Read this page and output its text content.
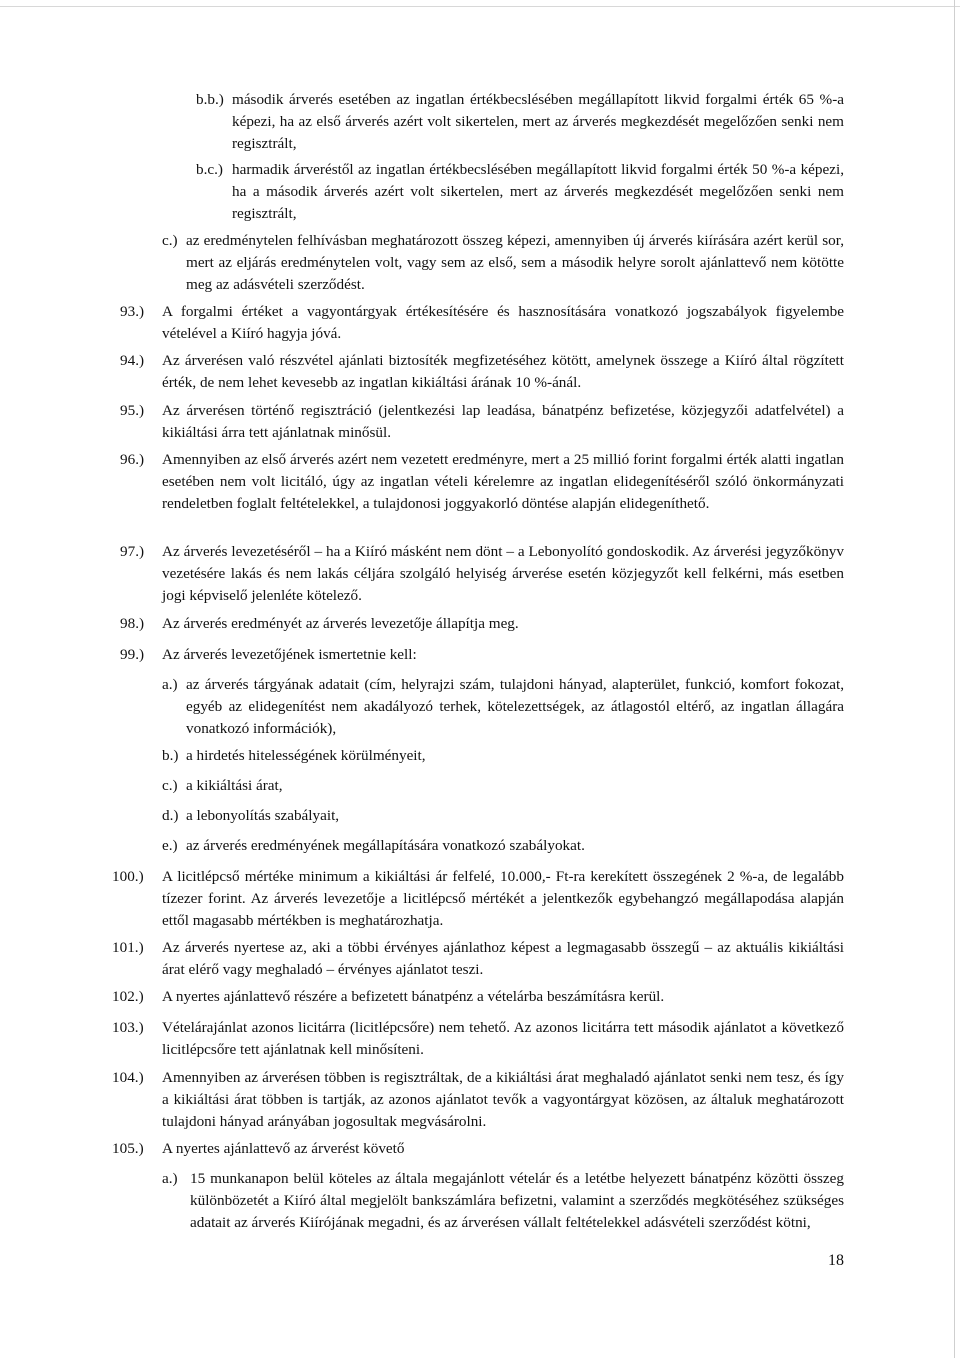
b.b.) második árverés esetében az ingatlan értékbecslésében megállapított likvid forgalmi érték 65 %-a képezi, ha az első árverés azért volt sikertelen, mert az árverés megkezdését megelőzően senki nem regisztrált,
b.c.) harmadik árveréstől az ingatlan értékbecslésében megállapított likvid forgalmi érték 50 %-a képezi, ha a második árverés azért volt sikertelen, mert az árverés megkezdését megelőzően senki nem regisztrált,
c.) az eredménytelen felhívásban meghatározott összeg képezi, amennyiben új árverés kiírására azért kerül sor, mert az eljárás eredménytelen volt, vagy sem az első, sem a második helyre sorolt ajánlattevő nem kötötte meg az adásvételi szerződést.
93.) A forgalmi értéket a vagyontárgyak értékesítésére és hasznosítására vonatkozó jogszabályok figyelembe vételével a Kiíró hagyja jóvá.
94.) Az árverésen való részvétel ajánlati biztosíték megfizetéséhez kötött, amelynek összege a Kiíró által rögzített érték, de nem lehet kevesebb az ingatlan kikiáltási árának 10 %-ánál.
95.) Az árverésen történő regisztráció (jelentkezési lap leadása, bánatpénz befizetése, közjegyzői adatfelvétel) a kikiáltási árra tett ajánlatnak minősül.
96.) Amennyiben az első árverés azért nem vezetett eredményre, mert a 25 millió forint forgalmi érték alatti ingatlan esetében nem volt licitáló, úgy az ingatlan vételi kérelemre az ingatlan elidegenítéséről szóló önkormányzati rendeletben foglalt feltételekkel, a tulajdonosi joggyakorló döntése alapján elidegeníthető.
97.) Az árverés levezetéséről – ha a Kiíró másként nem dönt – a Lebonyolító gondoskodik. Az árverési jegyzőkönyv vezetésére lakás és nem lakás céljára szolgáló helyiség árverése esetén közjegyzőt kell felkérni, más esetben jogi képviselő jelenléte kötelező.
98.) Az árverés eredményét az árverés levezetője állapítja meg.
99.) Az árverés levezetőjének ismertetnie kell:
a.) az árverés tárgyának adatait (cím, helyrajzi szám, tulajdoni hányad, alapterület, funkció, komfort fokozat, egyéb az elidegenítést nem akadályozó terhek, kötelezettségek, az átlagostól eltérő, az ingatlan állagára vonatkozó információk),
b.) a hirdetés hitelességének körülményeit,
c.) a kikiáltási árat,
d.) a lebonyolítás szabályait,
e.) az árverés eredményének megállapítására vonatkozó szabályokat.
100.) A licitlépcső mértéke minimum a kikiáltási ár felfelé, 10.000,- Ft-ra kerekített összegének 2 %-a, de legalább tízezer forint. Az árverés levezetője a licitlépcső mértékét a jelentkezők egybehangzó megállapodása alapján ettől magasabb mértékben is meghatározhatja.
101.) Az árverés nyertese az, aki a többi érvényes ajánlathoz képest a legmagasabb összegű – az aktuális kikiáltási árat elérő vagy meghaladó – érvényes ajánlatot teszi.
102.) A nyertes ajánlattevő részére a befizetett bánatpénz a vételárba beszámításra kerül.
103.) Vételárajánlat azonos licitárra (licitlépcsőre) nem tehető. Az azonos licitárra tett második ajánlatot a következő licitlépcsőre tett ajánlatnak kell minősíteni.
104.) Amennyiben az árverésen többen is regisztráltak, de a kikiáltási árat meghaladó ajánlatot senki nem tesz, és így a kikiáltási árat többen is tartják, az azonos ajánlatot tevők a vagyontárgyat közösen, az általuk meghatározott tulajdoni hányad arányában jogosultak megvásárolni.
105.) A nyertes ajánlattevő az árverést követő
a.) 15 munkanapon belül köteles az általa megajánlott vételár és a letétbe helyezett bánatpénz közötti összeg különbözetét a Kiíró által megjelölt bankszámlára befizetni, valamint a szerződés megkötéséhez szükséges adatait az árverés Kiírójának megadni, és az árverésen vállalt feltételekkel adásvételi szerződést kötni,
18
